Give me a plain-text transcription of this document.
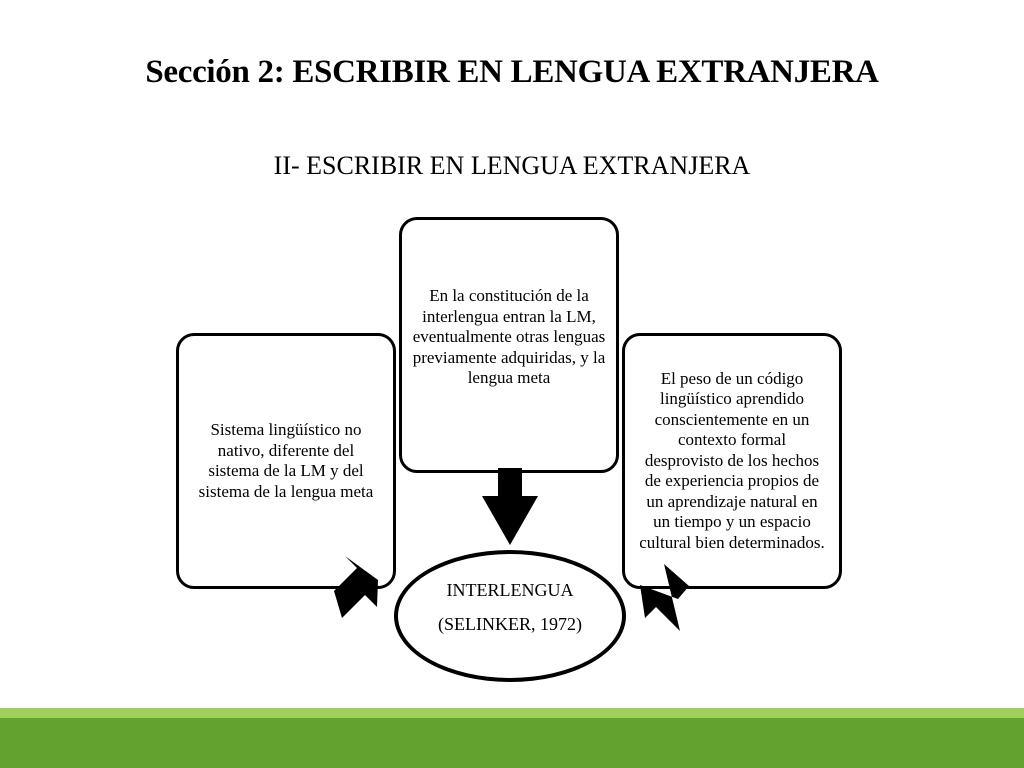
Sección 2: ESCRIBIR EN LENGUA EXTRANJERA
II- ESCRIBIR EN LENGUA EXTRANJERA
Sistema lingüístico no nativo, diferente del sistema de la LM y del sistema de la lengua meta
En la constitución de la interlengua entran la LM, eventualmente otras lenguas previamente adquiridas, y la lengua meta	El peso de un código lingüístico aprendido conscientemente en un contexto formal desprovisto de los hechos de experiencia propios de un aprendizaje natural en un tiempo y un espacio cultural bien determinados.
INTERLENGUA
(SELINKER, 1972)
